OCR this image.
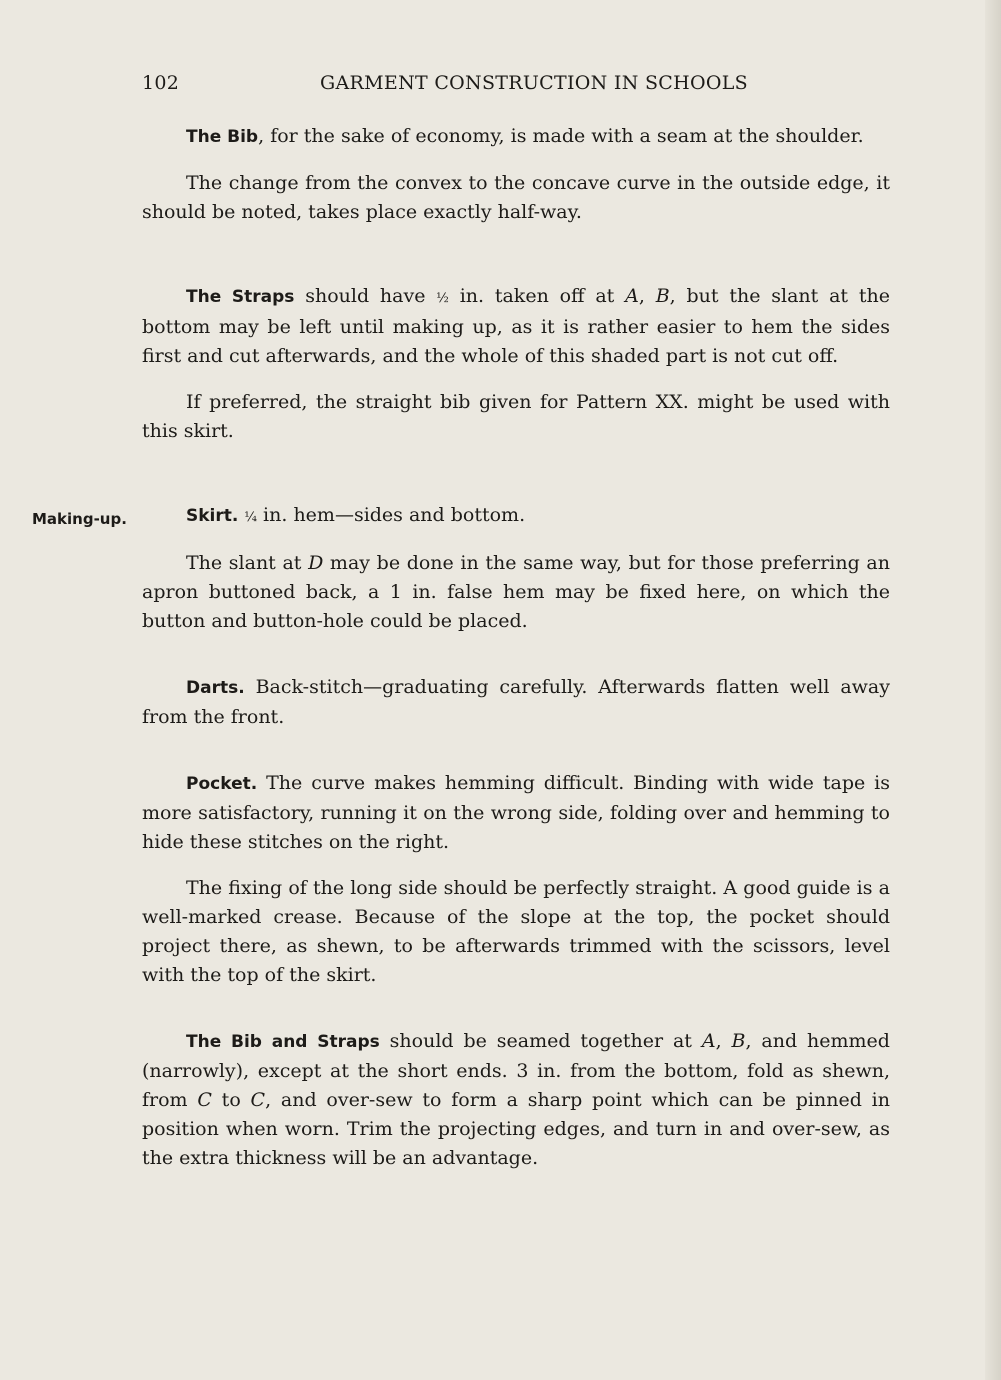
102	GARMENT CONSTRUCTION IN SCHOOLS
Making-up.

The Bib, for the sake of economy, is made with a seam at the shoulder.

The change from the convex to the concave curve in the outside edge, it should be noted, takes place exactly half-way.

The Straps should have ½ in. taken off at A, B, but the slant at the bottom may be left until making up, as it is rather easier to hem the sides first and cut afterwards, and the whole of this shaded part is not cut off.

If preferred, the straight bib given for Pattern XX. might be used with this skirt.

Skirt. ¼ in. hem—sides and bottom.

The slant at D may be done in the same way, but for those preferring an apron buttoned back, a 1 in. false hem may be fixed here, on which the button and button-hole could be placed.

Darts. Back-stitch—graduating carefully. Afterwards flatten well away from the front.

Pocket. The curve makes hemming difficult. Binding with wide tape is more satisfactory, running it on the wrong side, folding over and hemming to hide these stitches on the right.

The fixing of the long side should be perfectly straight. A good guide is a well-marked crease. Because of the slope at the top, the pocket should project there, as shewn, to be afterwards trimmed with the scissors, level with the top of the skirt.

The Bib and Straps should be seamed together at A, B, and hemmed (narrowly), except at the short ends. 3 in. from the bottom, fold as shewn, from C to C, and over-sew to form a sharp point which can be pinned in position when worn. Trim the projecting edges, and turn in and over-sew, as the extra thickness will be an advantage.
